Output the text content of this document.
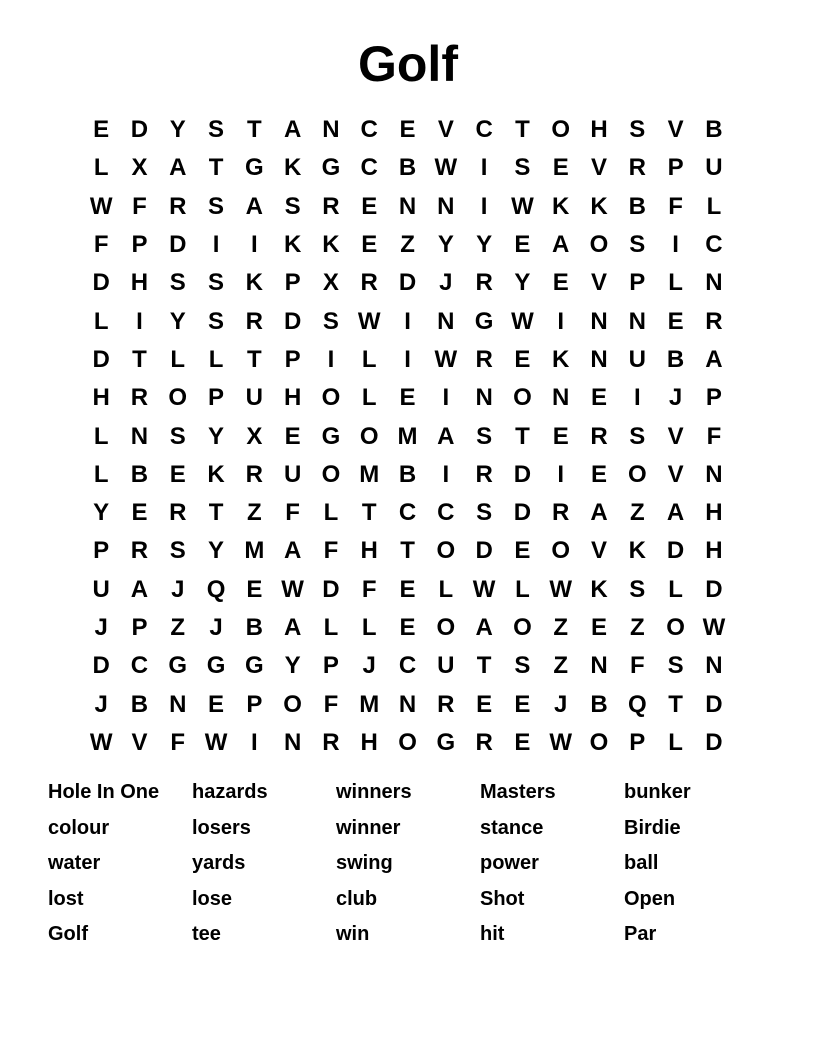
Golf
E D Y S T A N C E V C T O H S V B
L X A T G K G C B W I	S E V R P U
W F R S A S R E N N	I W K K B F L
F P D	I	I	K K E Z Y Y E A O S	I	C
D H S S K P X R D J R Y E V P L N
L	I	Y S R D S W I	N G W I	N N E R
D T L L T P	I	L	I W R E K N U B A
H R O P U H O L E	I	N O N E	I	J P
L N S Y X E G O M A S T E R S V F
L B E K R U O M B	I	R D	I	E O V N
Y E R T Z F L T C C S D R A Z A H
P R S Y M A F H T O D E O V K D H
U A J Q E W D F E L W L W K S L D
J P Z	J B A L L E O A O Z E Z O W
D C G G G Y P J C U T S Z N F S N
J B N E P O F M N R E E J B Q T D
W V F W I	N R H O G R E W O P L D
Hole In One	hazards	winners	Masters	bunker
colour	losers	winner	stance	Birdie
water	yards	swing	power	ball
lost	lose	club	Shot	Open
Golf	tee	win	hit	Par
